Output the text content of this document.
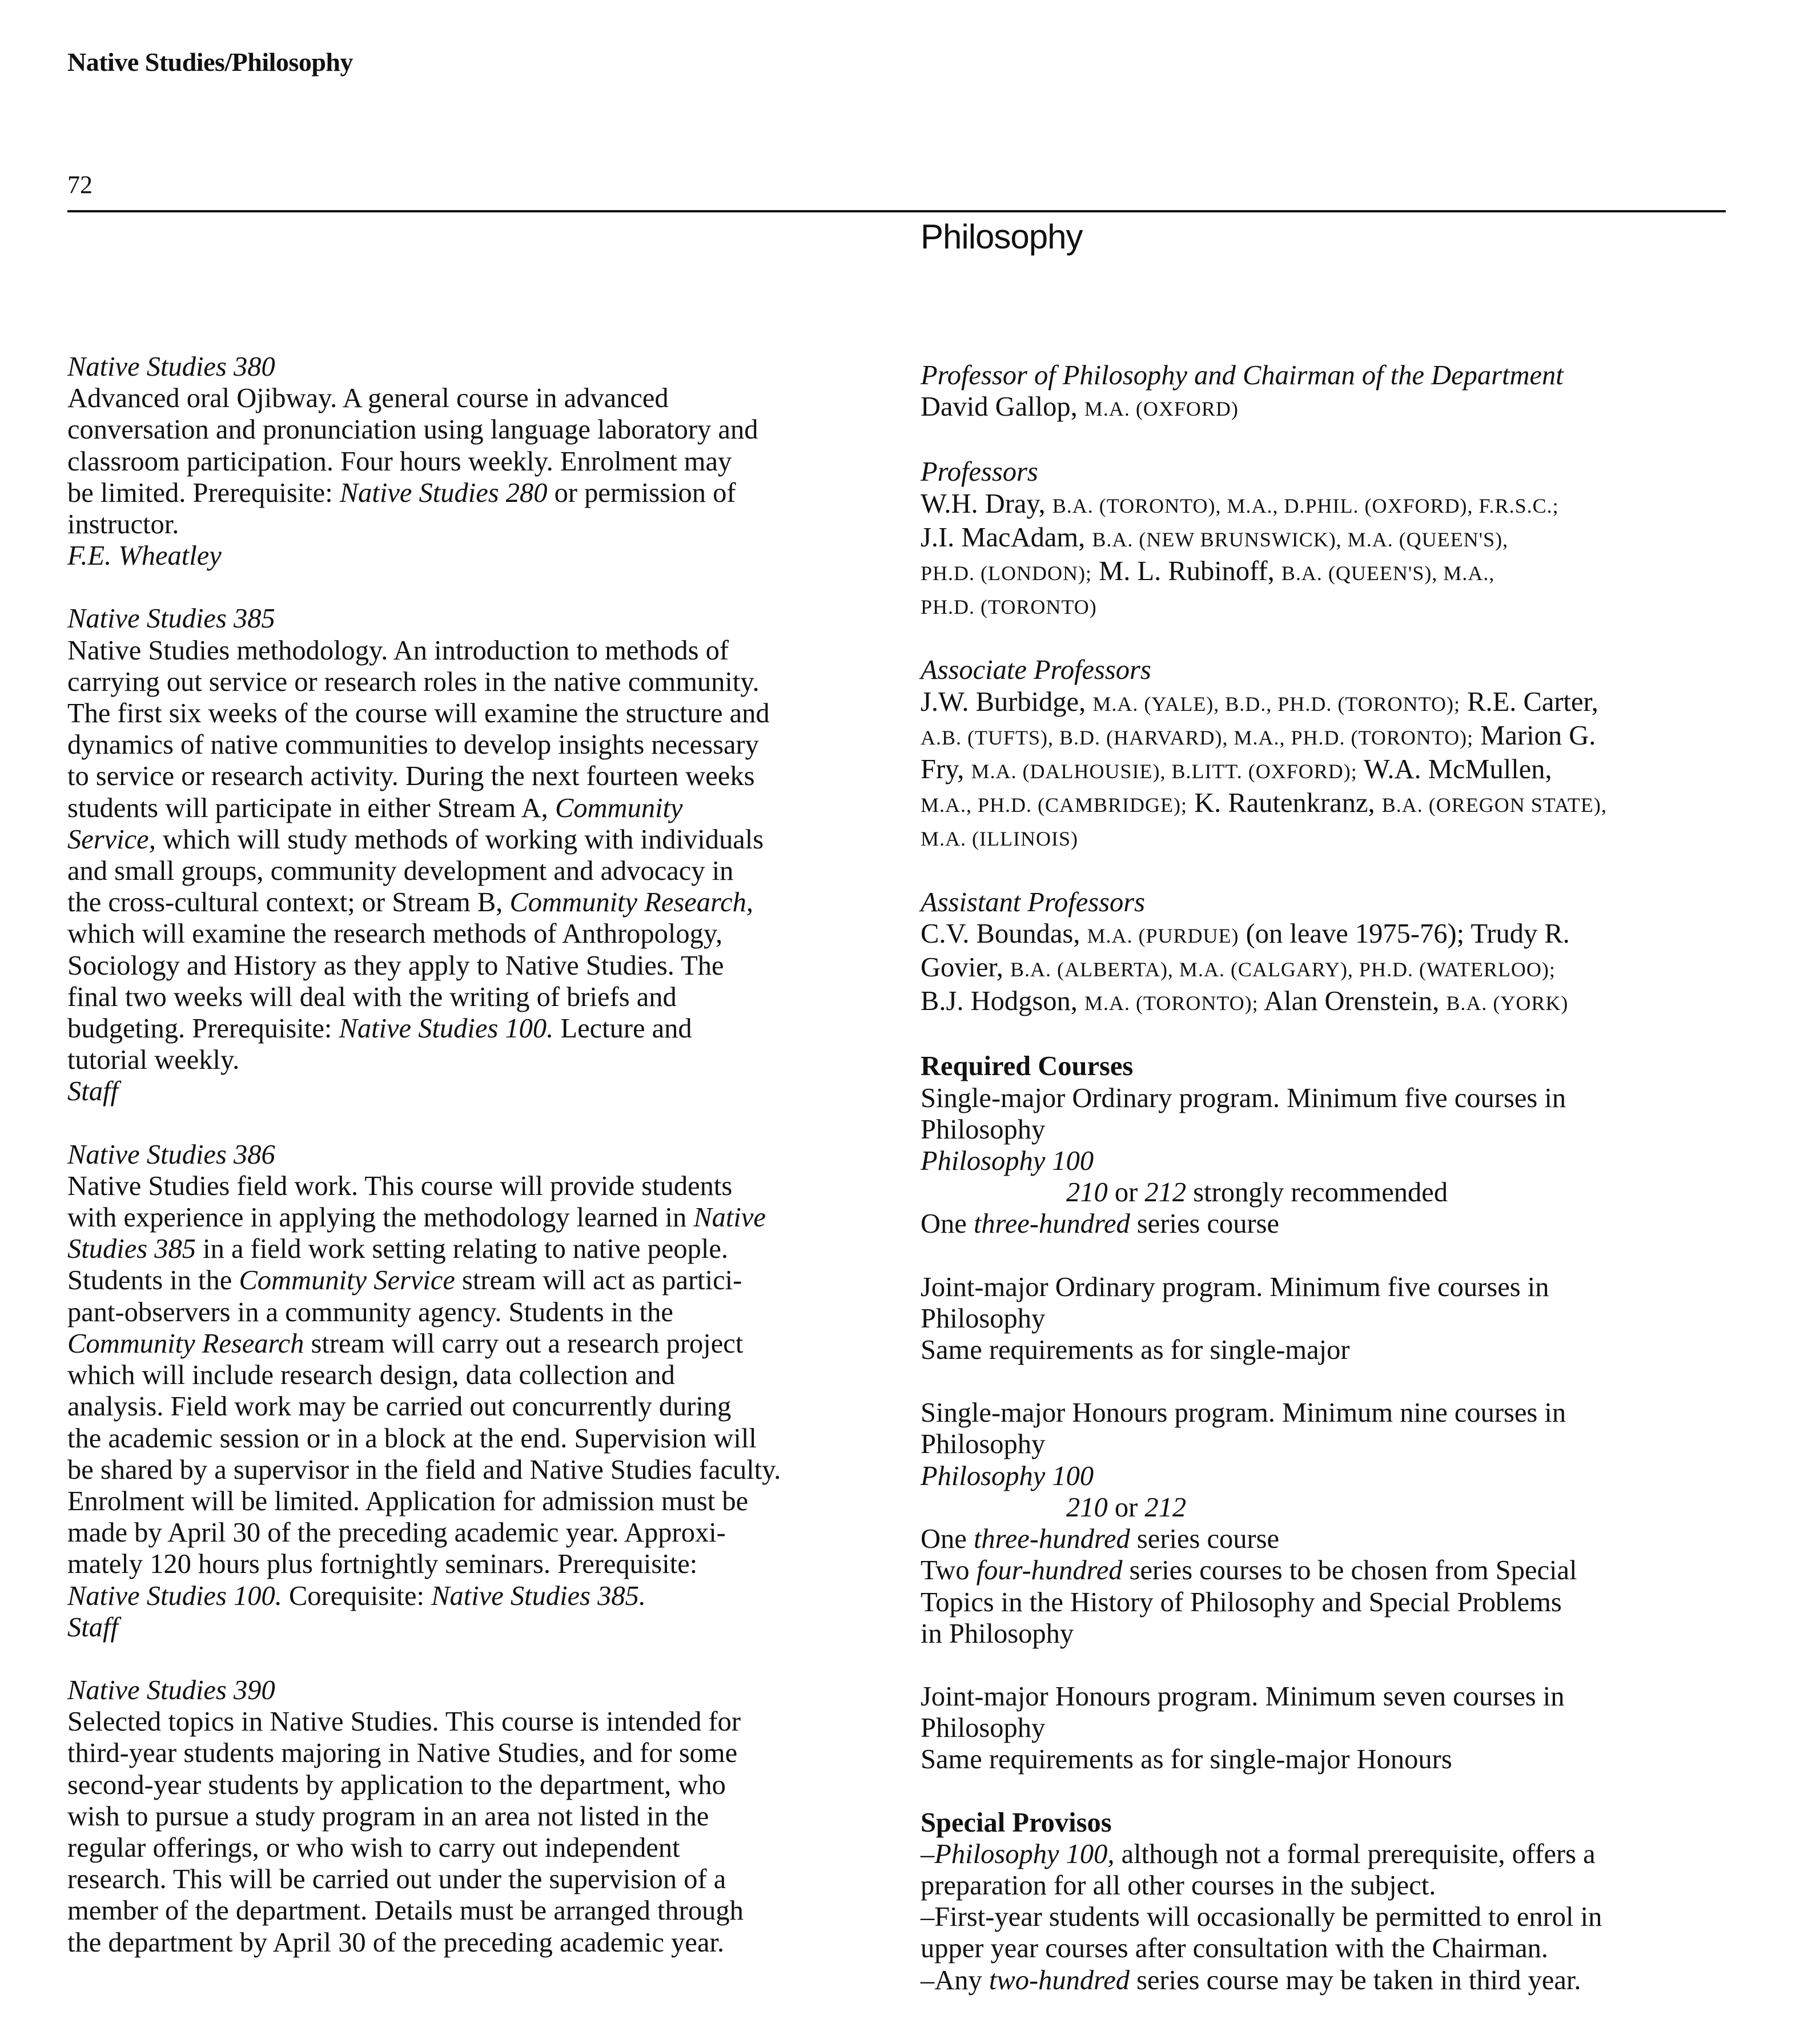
Native Studies/Philosophy
72
Philosophy
Native Studies 380
Advanced oral Ojibway. A general course in advanced
conversation and pronunciation using language laboratory and
classroom participation. Four hours weekly. Enrolment may
be limited. Prerequisite: Native Studies 280 or permission of
instructor.
F.E. Wheatley
Native Studies 385
Native Studies methodology. An introduction to methods of
carrying out service or research roles in the native community.
The first six weeks of the course will examine the structure and
dynamics of native communities to develop insights necessary
to service or research activity. During the next fourteen weeks
students will participate in either Stream A, Community
Service, which will study methods of working with individuals
and small groups, community development and advocacy in
the cross-cultural context; or Stream B, Community Research,
which will examine the research methods of Anthropology,
Sociology and History as they apply to Native Studies. The
final two weeks will deal with the writing of briefs and
budgeting. Prerequisite: Native Studies 100. Lecture and
tutorial weekly.
Staff
Native Studies 386
Native Studies field work. This course will provide students
with experience in applying the methodology learned in Native
Studies 385 in a field work setting relating to native people.
Students in the Community Service stream will act as partici-
pant-observers in a community agency. Students in the
Community Research stream will carry out a research project
which will include research design, data collection and
analysis. Field work may be carried out concurrently during
the academic session or in a block at the end. Supervision will
be shared by a supervisor in the field and Native Studies faculty.
Enrolment will be limited. Application for admission must be
made by April 30 of the preceding academic year. Approxi-
mately 120 hours plus fortnightly seminars. Prerequisite:
Native Studies 100. Corequisite: Native Studies 385.
Staff
Native Studies 390
Selected topics in Native Studies. This course is intended for
third-year students majoring in Native Studies, and for some
second-year students by application to the department, who
wish to pursue a study program in an area not listed in the
regular offerings, or who wish to carry out independent
research. This will be carried out under the supervision of a
member of the department. Details must be arranged through
the department by April 30 of the preceding academic year.
Professor of Philosophy and Chairman of the Department
David Gallop, M.A. (OXFORD)
Professors
W.H. Dray, B.A. (TORONTO), M.A., D.PHIL. (OXFORD), F.R.S.C.;
J.I. MacAdam, B.A. (NEW BRUNSWICK), M.A. (QUEEN'S),
PH.D. (LONDON); M. L. Rubinoff, B.A. (QUEEN'S), M.A.,
PH.D. (TORONTO)
Associate Professors
J.W. Burbidge, M.A. (YALE), B.D., PH.D. (TORONTO); R.E. Carter,
A.B. (TUFTS), B.D. (HARVARD), M.A., PH.D. (TORONTO); Marion G.
Fry, M.A. (DALHOUSIE), B.LITT. (OXFORD); W.A. McMullen,
M.A., PH.D. (CAMBRIDGE); K. Rautenkranz, B.A. (OREGON STATE),
M.A. (ILLINOIS)
Assistant Professors
C.V. Boundas, M.A. (PURDUE) (on leave 1975-76); Trudy R.
Govier, B.A. (ALBERTA), M.A. (CALGARY), PH.D. (WATERLOO);
B.J. Hodgson, M.A. (TORONTO); Alan Orenstein, B.A. (YORK)
Required Courses
Single-major Ordinary program. Minimum five courses in
Philosophy
Philosophy 100
210 or 212 strongly recommended
One three-hundred series course
Joint-major Ordinary program. Minimum five courses in
Philosophy
Same requirements as for single-major
Single-major Honours program. Minimum nine courses in
Philosophy
Philosophy 100
210 or 212
One three-hundred series course
Two four-hundred series courses to be chosen from Special
Topics in the History of Philosophy and Special Problems
in Philosophy
Joint-major Honours program. Minimum seven courses in
Philosophy
Same requirements as for single-major Honours
Special Provisos
–Philosophy 100, although not a formal prerequisite, offers a
preparation for all other courses in the subject.
–First-year students will occasionally be permitted to enrol in
upper year courses after consultation with the Chairman.
–Any two-hundred series course may be taken in third year.
